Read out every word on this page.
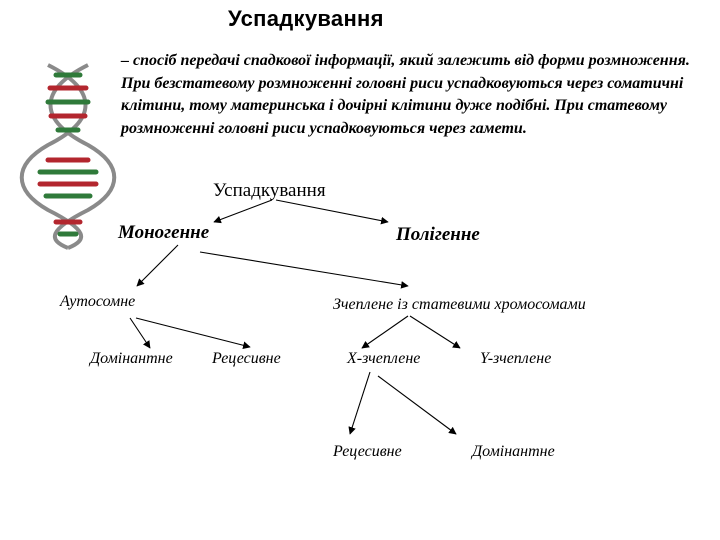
Успадкування
– спосіб передачі спадкової інформації, який залежить від форми розмноження. При безстатевому розмноженні головні риси успадковуються через соматичні клітини, тому материнська і дочірні клітини дуже подібні. При статевому розмноженні головні риси успадковуються через гамети.
Успадкування
Моногенне	Полігенне
Аутосомне	Зчеплене із статевими хромосомами
Домінантне Рецесивне	Х-зчеплене	Y-зчеплене
Рецесивне	Домінантне
